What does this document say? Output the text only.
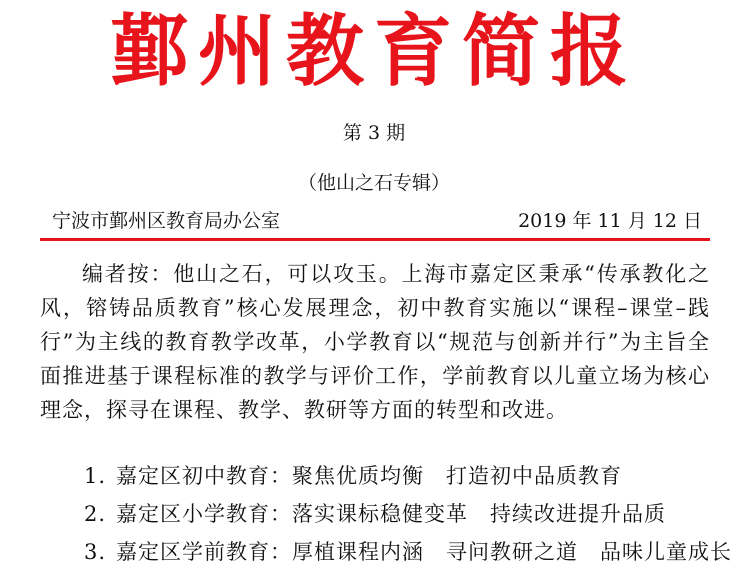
鄞州教育简报
第 3 期
（他山之石专辑）
宁波市鄞州区教育局办公室	2019 年 11 月 12 日

编者按：他山之石，可以攻玉。上海市嘉定区秉承“传承教化之风，镕铸品质教育”核心发展理念，初中教育实施以“课程–课堂–践行”为主线的教育教学改革，小学教育以“规范与创新并行”为主旨全面推进基于课程标准的教学与评价工作，学前教育以儿童立场为核心理念，探寻在课程、教学、教研等方面的转型和改进。

1. 嘉定区初中教育：聚焦优质均衡　打造初中品质教育
2. 嘉定区小学教育：落实课标稳健变革　持续改进提升品质
3. 嘉定区学前教育：厚植课程内涵　寻问教研之道　品味儿童成长
